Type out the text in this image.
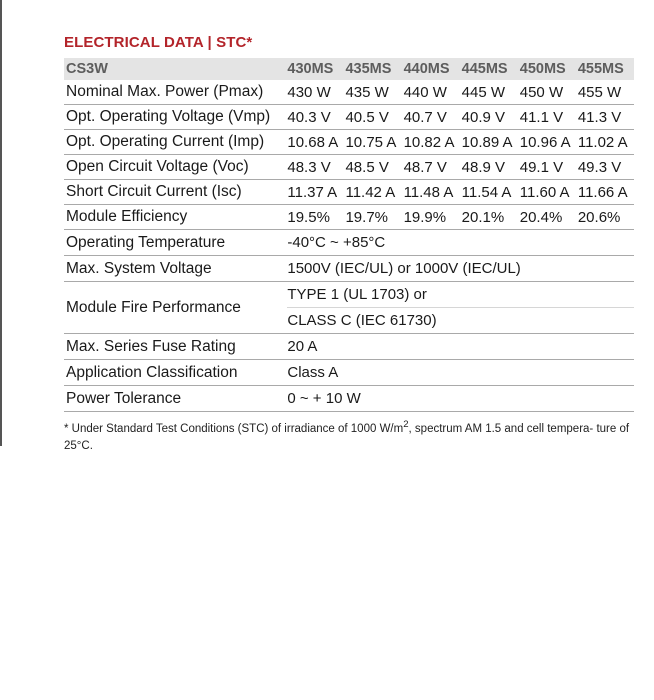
ELECTRICAL DATA | STC*
CS3W	430MS	435MS	440MS	445MS	450MS	455MS
Nominal Max. Power (Pmax)	430 W	435 W	440 W	445 W	450 W	455 W
Opt. Operating Voltage (Vmp)	40.3 V	40.5 V	40.7 V	40.9 V	41.1 V	41.3 V
Opt. Operating Current (Imp)	10.68 A	10.75 A	10.82 A	10.89 A	10.96 A	11.02 A
Open Circuit Voltage (Voc)	48.3 V	48.5 V	48.7 V	48.9 V	49.1 V	49.3 V
Short Circuit Current (Isc)	11.37 A	11.42 A	11.48 A	11.54 A	11.60 A	11.66 A
Module Efficiency	19.5%	19.7%	19.9%	20.1%	20.4%	20.6%
Operating Temperature	-40°C ~ +85°C					
Max. System Voltage	1500V (IEC/UL) or 1000V (IEC/UL)					
Module Fire Performance	TYPE 1 (UL 1703) or
CLASS C (IEC 61730)					

Max. Series Fuse Rating	20 A					
Application Classification	Class A					
Power Tolerance	0 ~ + 10 W					
* Under Standard Test Conditions (STC) of irradiance of 1000 $W/m^2$, spectrum AM 1.5 and cell tempera- ture of 25°C.
